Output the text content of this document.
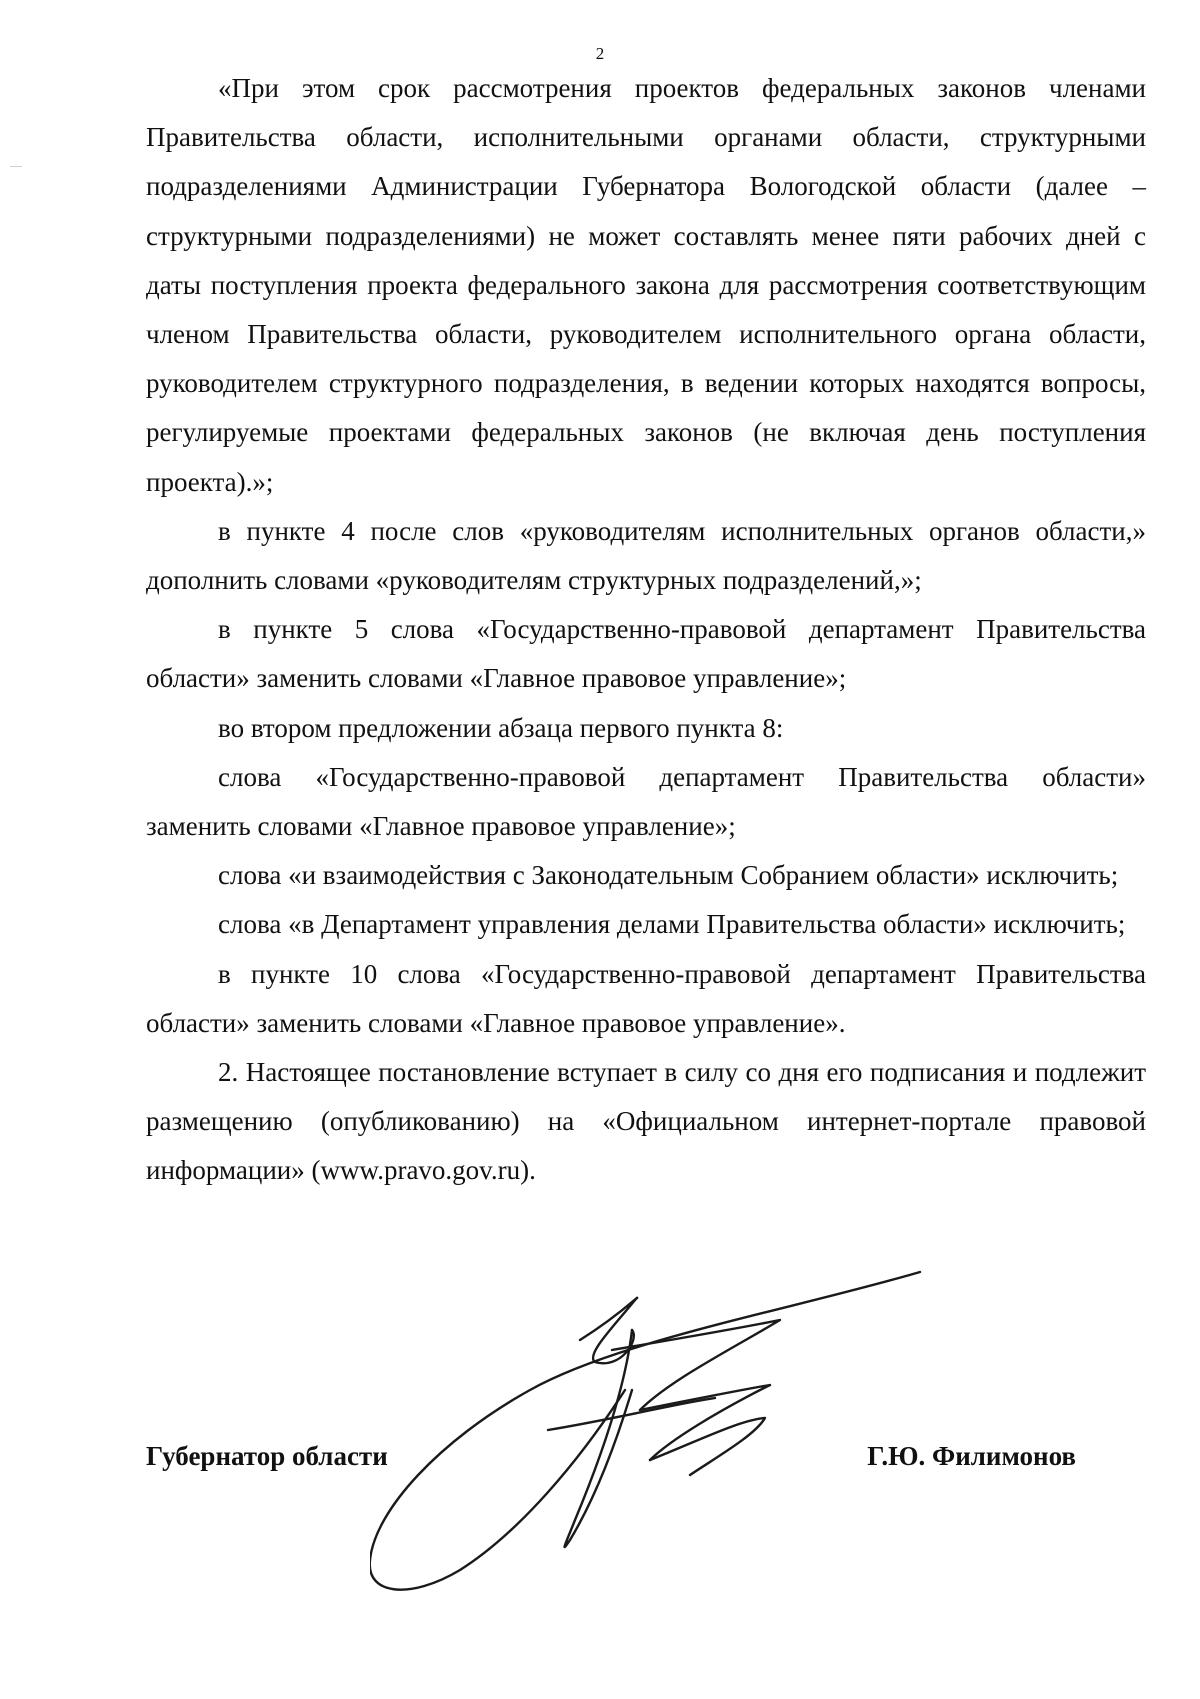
2

«При этом срок рассмотрения проектов федеральных законов членами Правительства области, исполнительными органами области, структурными подразделениями Администрации Губернатора Вологодской области (далее – структурными подразделениями) не может составлять менее пяти рабочих дней с даты поступления проекта федерального закона для рассмотрения соответствующим членом Правительства области, руководителем исполнительного органа области, руководителем структурного подразделения, в ведении которых находятся вопросы, регулируемые проектами федеральных законов (не включая день поступления проекта).»;

в пункте 4 после слов «руководителям исполнительных органов области,» дополнить словами «руководителям структурных подразделений,»;

в пункте 5 слова «Государственно-правовой департамент Правительства области» заменить словами «Главное правовое управление»;

во втором предложении абзаца первого пункта 8:

слова «Государственно-правовой департамент Правительства области» заменить словами «Главное правовое управление»;

слова «и взаимодействия с Законодательным Собранием области» исключить;

слова «в Департамент управления делами Правительства области» исключить;

в пункте 10 слова «Государственно-правовой департамент Правительства области» заменить словами «Главное правовое управление».

2. Настоящее постановление вступает в силу со дня его подписания и подлежит размещению (опубликованию) на «Официальном интернет-портале правовой информации» (www.pravo.gov.ru).

Губернатор области	Г.Ю. Филимонов
